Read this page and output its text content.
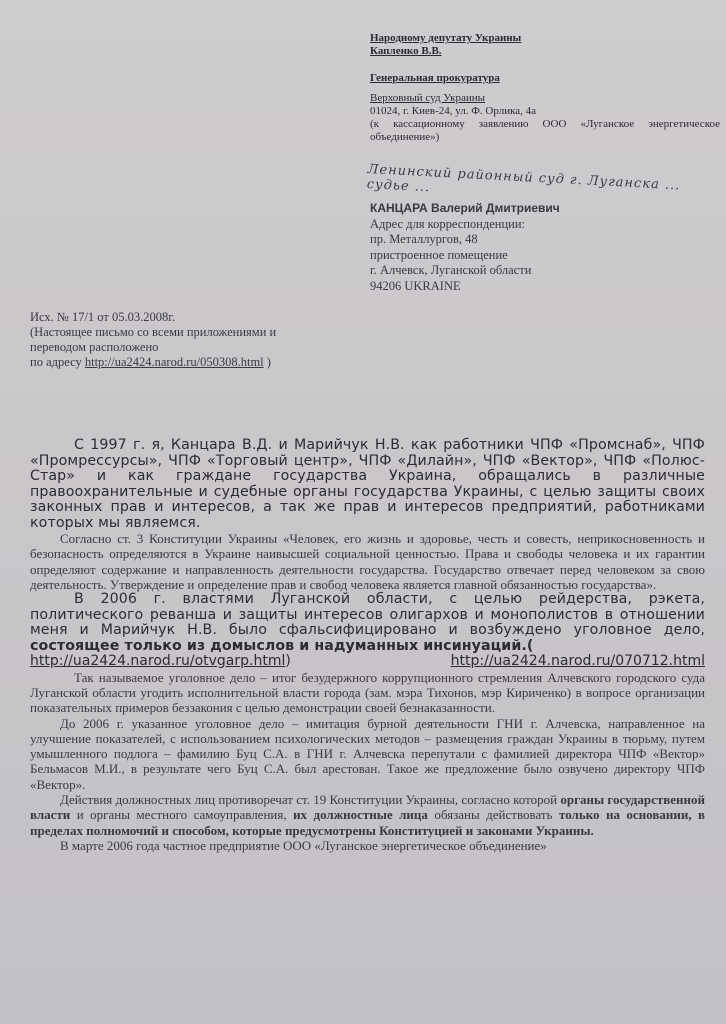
Народному депутату Украины
Капленко В.В.
Генеральная прокуратура
Верховный суд Украины
01024, г. Киев-24, ул. Ф. Орлика, 4а
(к кассационному заявлению ООО «Луганское энергетическое объединение»)
Ленинский районный суд г. Луганска ... судье ...
КАНЦАРА Валерий Дмитриевич
Адрес для корреспонденции:
пр. Металлургов, 48
пристроенное помещение
г. Алчевск, Луганской области
94206 UKRAINE
Исх. № 17/1 от 05.03.2008г.
(Настоящее письмо со всеми приложениями и
переводом расположено
по адресу http://ua2424.narod.ru/050308.html )

С 1997 г. я, Канцара В.Д. и Марийчук Н.В. как работники ЧПФ «Промснаб», ЧПФ «Промрессурсы», ЧПФ «Торговый центр», ЧПФ «Дилайн», ЧПФ «Вектор», ЧПФ «Полюс-Стар» и как граждане государства Украина, обращались в различные правоохранительные и судебные органы государства Украины, с целью защиты своих законных прав и интересов, а так же прав и интересов предприятий, работниками которых мы являемся.

Согласно ст. 3 Конституции Украины «Человек, его жизнь и здоровье, честь и совесть, неприкосновенность и безопасность определяются в Украине наивысшей социальной ценностью. Права и свободы человека и их гарантии определяют содержание и направленность деятельности государства. Государство отвечает перед человеком за свою деятельность. Утверждение и определение прав и свобод человека является главной обязанностью государства».

В 2006 г. властями Луганской области, с целью рейдерства, рэкета, политического реванша и защиты интересов олигархов и монополистов в отношении меня и Марийчук Н.В. было сфальсифицировано и возбуждено уголовное дело, состоящее только из домыслов и надуманных инсинуаций.(

http://ua2424.narod.ru/otvgarp.html)	http://ua2424.narod.ru/070712.html

Так называемое уголовное дело – итог безудержного коррупционного стремления Алчевского городского суда Луганской области угодить исполнительной власти города (зам. мэра Тихонов, мэр Кириченко) в вопросе организации показательных примеров беззакония с целью демонстрации своей безнаказанности.

До 2006 г. указанное уголовное дело – имитация бурной деятельности ГНИ г. Алчевска, направленное на улучшение показателей, с использованием психологических методов – размещения граждан Украины в тюрьму, путем умышленного подлога – фамилию Буц С.А. в ГНИ г. Алчевска перепутали с фамилией директора ЧПФ «Вектор» Бельмасов М.И., в результате чего Буц С.А. был арестован. Такое же предложение было озвучено директору ЧПФ «Вектор».

Действия должностных лиц противоречат ст. 19 Конституции Украины, согласно которой органы государственной власти и органы местного самоуправления, их должностные лица обязаны действовать только на основании, в пределах полномочий и способом, которые предусмотрены Конституцией и законами Украины.

В марте 2006 года частное предприятие ООО «Луганское энергетическое объединение»
